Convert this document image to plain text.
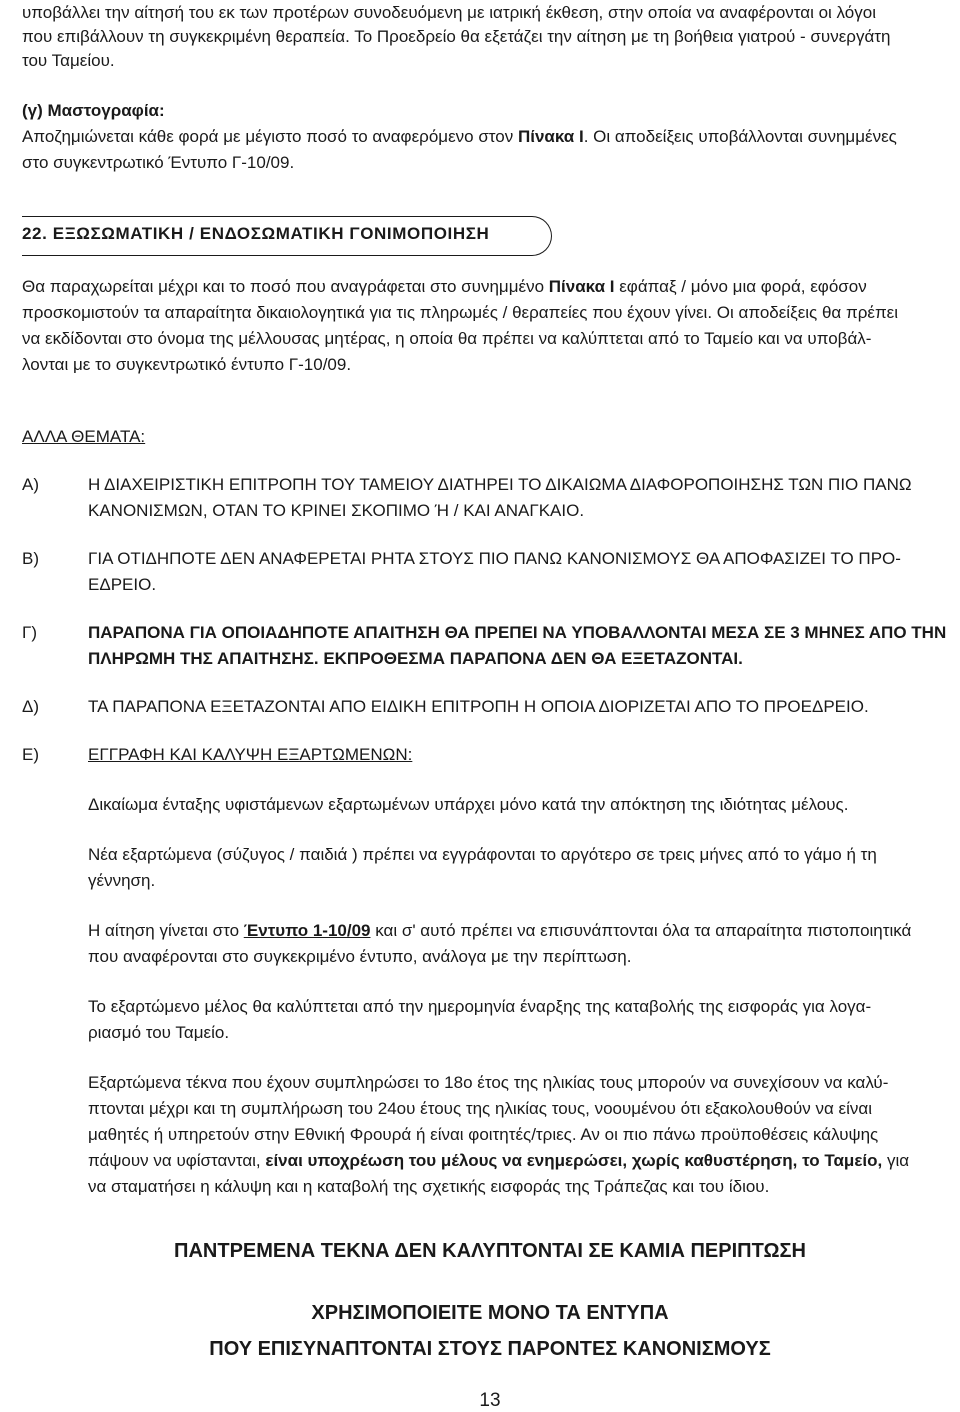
υποβάλλει την αίτησή του εκ των προτέρων συνοδευόμενη με ιατρική έκθεση, στην οποία να αναφέρονται οι λόγοι

που επιβάλλουν τη συγκεκριμένη θεραπεία. Το Προεδρείο θα εξετάζει την αίτηση με τη βοήθεια γιατρού - συνεργάτη

του Ταμείου.

(γ) Μαστογραφία:

Αποζημιώνεται κάθε φορά με μέγιστο ποσό το αναφερόμενο στον Πίνακα Ι. Οι αποδείξεις υποβάλλονται συνημμένες

στο συγκεντρωτικό Έντυπο Γ-10/09.

22. ΕΞΩΣΩΜΑΤΙΚΗ / ΕΝΔΟΣΩΜΑΤΙΚΗ ΓΟΝΙΜΟΠΟΙΗΣΗ

Θα παραχωρείται μέχρι και το ποσό που αναγράφεται στο συνημμένο Πίνακα Ι εφάπαξ / μόνο μια φορά, εφόσον

προσκομιστούν τα απαραίτητα δικαιολογητικά για τις πληρωμές / θεραπείες που έχουν γίνει. Οι αποδείξεις θα πρέπει

να εκδίδονται στο όνομα της μέλλουσας μητέρας, η οποία θα πρέπει να καλύπτεται από το Ταμείο και να υποβάλ-

λονται με το συγκεντρωτικό έντυπο Γ-10/09.

ΑΛΛΑ ΘΕΜΑΤΑ:

Α)	Η ΔΙΑΧΕΙΡΙΣΤΙΚΗ ΕΠΙΤΡΟΠΗ ΤΟΥ ΤΑΜΕΙΟΥ ΔΙΑΤΗΡΕΙ ΤΟ ΔΙΚΑΙΩΜΑ ΔΙΑΦΟΡΟΠΟΙΗΣΗΣ ΤΩΝ ΠΙΟ ΠΑΝΩ

ΚΑΝΟΝΙΣΜΩΝ, ΟΤΑΝ ΤΟ ΚΡΙΝΕΙ ΣΚΟΠΙΜΟ Ή / ΚΑΙ ΑΝΑΓΚΑΙΟ.

Β)	ΓΙΑ ΟΤΙΔΗΠΟΤΕ ΔΕΝ ΑΝΑΦΕΡΕΤΑΙ ΡΗΤΑ ΣΤΟΥΣ ΠΙΟ ΠΑΝΩ ΚΑΝΟΝΙΣΜΟΥΣ ΘΑ ΑΠΟΦΑΣΙΖΕΙ ΤΟ ΠΡΟ-

ΕΔΡΕΙΟ.

Γ)	ΠΑΡΑΠΟΝΑ ΓΙΑ ΟΠΟΙΑΔΗΠΟΤΕ ΑΠΑΙΤΗΣΗ ΘΑ ΠΡΕΠΕΙ ΝΑ ΥΠΟΒΑΛΛΟΝΤΑΙ ΜΕΣΑ ΣΕ 3 ΜΗΝΕΣ ΑΠΟ ΤΗΝ

ΠΛΗΡΩΜΗ ΤΗΣ ΑΠΑΙΤΗΣΗΣ. ΕΚΠΡΟΘΕΣΜΑ ΠΑΡΑΠΟΝΑ ΔΕΝ ΘΑ ΕΞΕΤΑΖΟΝΤΑΙ.

Δ)	ΤΑ ΠΑΡΑΠΟΝΑ ΕΞΕΤΑΖΟΝΤΑΙ ΑΠΟ ΕΙΔΙΚΗ ΕΠΙΤΡΟΠΗ Η ΟΠΟΙΑ ΔΙΟΡΙΖΕΤΑΙ ΑΠΟ ΤΟ ΠΡΟΕΔΡΕΙΟ.

Ε)	ΕΓΓΡΑΦΗ ΚΑΙ ΚΑΛΥΨΗ ΕΞΑΡΤΩΜΕΝΩΝ:

Δικαίωμα ένταξης υφιστάμενων εξαρτωμένων υπάρχει μόνο κατά την απόκτηση της ιδιότητας μέλους.

Νέα εξαρτώμενα (σύζυγος / παιδιά ) πρέπει να εγγράφονται το αργότερο σε τρεις μήνες από το γάμο ή τη

γέννηση.

Η αίτηση γίνεται στο Έντυπο 1-10/09 και σ' αυτό πρέπει να επισυνάπτονται όλα τα απαραίτητα πιστοποιητικά

που αναφέρονται στο συγκεκριμένο έντυπο, ανάλογα με την περίπτωση.

Το εξαρτώμενο μέλος θα καλύπτεται από την ημερομηνία έναρξης της καταβολής της εισφοράς για λογα-

ριασμό του Ταμείο.

Εξαρτώμενα τέκνα που έχουν συμπληρώσει το 18ο έτος της ηλικίας τους μπορούν να συνεχίσουν να καλύ-

πτονται μέχρι και τη συμπλήρωση του 24ου έτους της ηλικίας τους, νοουμένου ότι εξακολουθούν να είναι

μαθητές ή υπηρετούν στην Εθνική Φρουρά ή είναι φοιτητές/τριες. Αν οι πιο πάνω προϋποθέσεις κάλυψης

πάψουν να υφίστανται, είναι υποχρέωση του μέλους να ενημερώσει, χωρίς καθυστέρηση, το Ταμείο, για

να σταματήσει η κάλυψη και η καταβολή της σχετικής εισφοράς της Τράπεζας και του ίδιου.

ΠΑΝΤΡΕΜΕΝΑ ΤΕΚΝΑ ΔΕΝ ΚΑΛΥΠΤΟΝΤΑΙ ΣΕ ΚΑΜΙΑ ΠΕΡΙΠΤΩΣΗ
ΧΡΗΣΙΜΟΠΟΙΕΙΤΕ ΜΟΝΟ ΤΑ ΕΝΤΥΠΑ
ΠΟΥ ΕΠΙΣΥΝΑΠΤΟΝΤΑΙ ΣΤΟΥΣ ΠΑΡΟΝΤΕΣ ΚΑΝΟΝΙΣΜΟΥΣ
13
